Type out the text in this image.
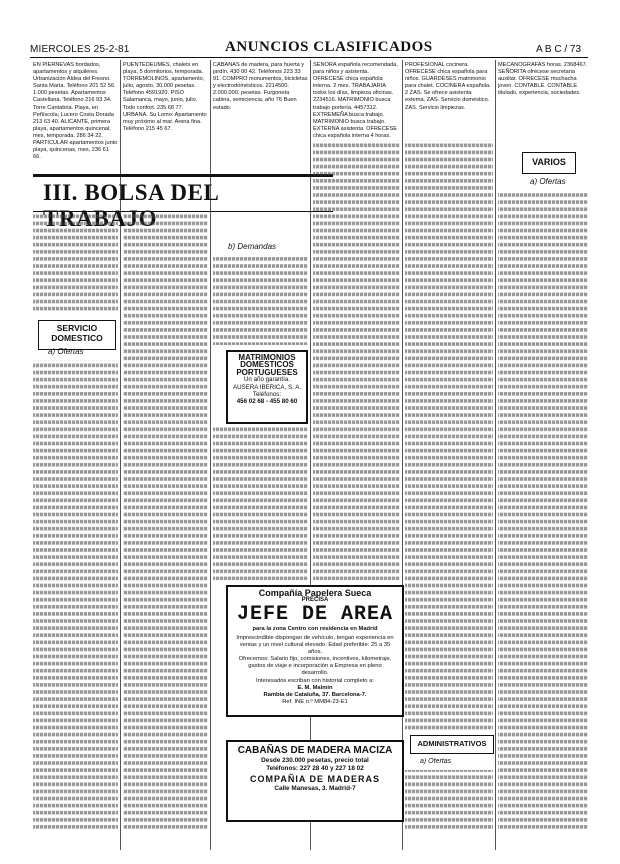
MIERCOLES 25-2-81	ANUNCIOS CLASIFICADOS	A B C / 73
EN PIERNEVAS bordados, apartamentos y alquileres. Urbanización Aldea del Fresno. Santa Marta. Teléfono 201 52 56. 1.000 pesetas. Apartamentos Castellana. Teléfono 216 93 34. Torre Cantabria. Playa, en Peñíscola; Lucero Costa Dorada 213 63 40. ALICANTE, primera playa, apartamentos quincenal, mes, temporada. 286 34 22. PARTICULAR apartamentos junto playa, quincenas, mes, 236 61 66.
PUENTEDEUMES, chalets en playa, 5 dormitorios, temporada. TORREMOLINOS, apartamento, julio, agosto, 30.000 pesetas. Teléfono 4591920. PISO Salamanca, mayo, junio, julio. Todo confort. 235 68 77. URBANA. Su Lomo: Apartamento muy próximo al mar. Arena fina. Teléfono 215 45 67.
CABAÑAS de madera, para huerta y jardín. 430 00 42. Teléfonos 223 33 91. COMPRO monumentos, bicicletas y electrodomésticos. 2214500. 2.000.000, pesetas. Furgoneta cabina, semiciencia, año 76 Buen estado.
SENORA española recomendada, para niños y asistenta. OFRECESE chica española interna. 2 mes. TRABAJARIA todos los días, limpieza oficinas. 2234516. MATRIMONIO busca trabajo portería. 4457312. EXTREMEÑA busca trabajo. MATRIMONIO busca trabajo. EXTERNA asistenta. OFRECESE chica española interna 4 horas.
PROFESIONAL cocinera. OFRECESE chica española para niños. GUARDESES matrimonio para chalet. COCINERA española. 2 ZAS. Se ofrece asistenta externa. ZAS. Servicio doméstico. ZAS. Servicio limpiezas.
MECANOGRAFAS horas. 2368467. SEÑORITA ofrécese secretaria auxiliar. OFRECESE muchacha joven. CONTABLE. CONTABLE titulado, experiencia, sociedades.
III. BOLSA DEL
SERVICIO DOMESTICO
a) Ofertas
b) Demandas
VARIOS
a) Ofertas
MATRIMONIOS
DOMESTICOS
PORTUGUESES
Un año garantía.
AUSERA IBERICA, S. A.
Teléfonos:
456 02 68 - 455 80 60
Compañía Papelera Sueca
PRECISA
JEFE DE AREA
para la zona Centro con residencia en Madrid
Imprescindible dispongan de vehículo, tengan experiencia en ventas y un nivel cultural elevado. Edad preferible: 25 a 35 años.
Ofrecemos: Salario fijo, comisiones, incentivos, kilometraje, gastos de viaje e incorporación a Empresa en pleno desarrollo.
Interesados escriban con historial completo a:
E. M. Malmin
Rambla de Cataluña, 37. Barcelona-7.
Ref. INE n.º MM84-23-E1
CABAÑAS DE MADERA MACIZA
Desde 230.000 pesetas, precio total
Teléfonos: 227 28 40 y 227 18 02
COMPAÑIA DE MADERAS
Calle Manesas, 3. Madrid-7
ADMINISTRATIVOS
a) Ofertas
